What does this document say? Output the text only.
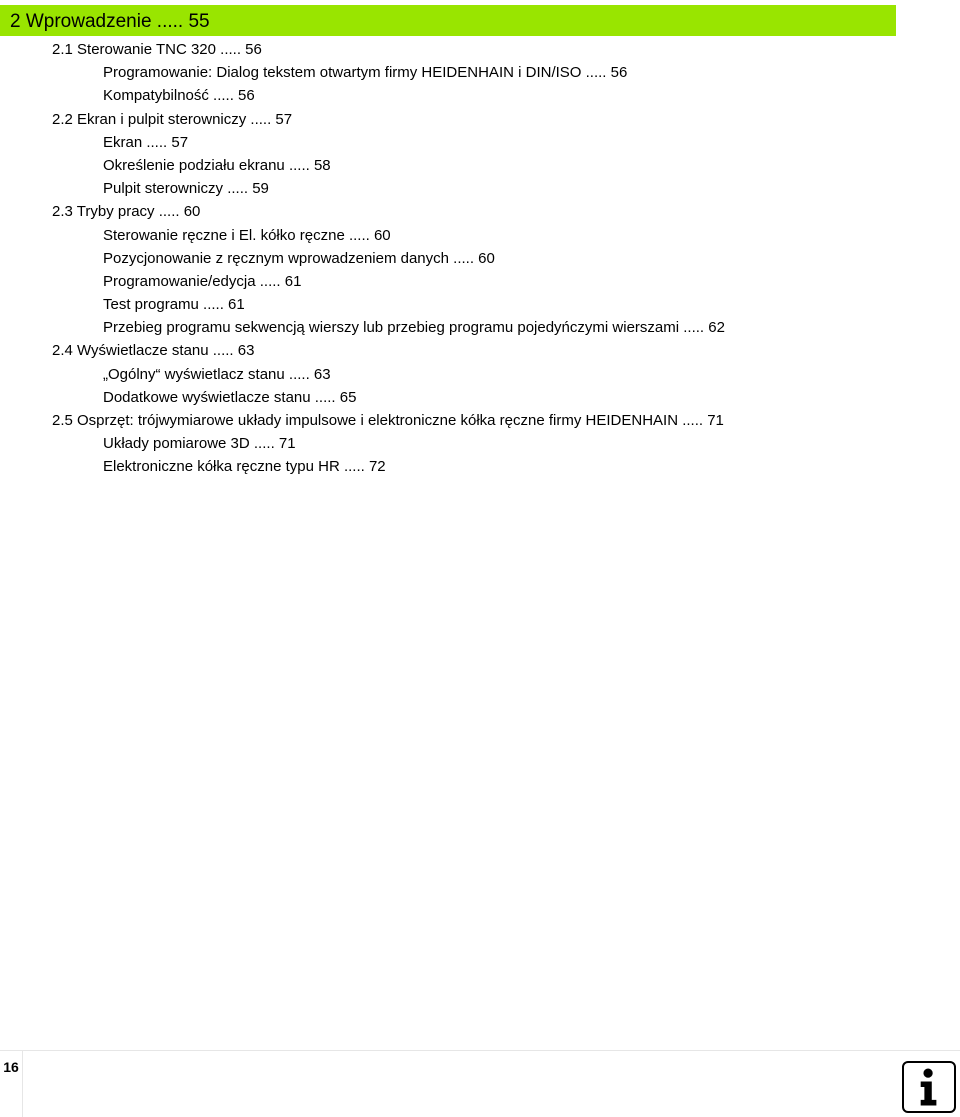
2 Wprowadzenie ..... 55
2.1 Sterowanie TNC 320 ..... 56
Programowanie: Dialog tekstem otwartym firmy HEIDENHAIN i DIN/ISO ..... 56
Kompatybilność ..... 56
2.2 Ekran i pulpit sterowniczy ..... 57
Ekran ..... 57
Określenie podziału ekranu ..... 58
Pulpit sterowniczy ..... 59
2.3 Tryby pracy ..... 60
Sterowanie ręczne i El. kółko ręczne ..... 60
Pozycjonowanie z ręcznym wprowadzeniem danych ..... 60
Programowanie/edycja ..... 61
Test programu ..... 61
Przebieg programu sekwencją wierszy lub przebieg programu pojedyńczymi wierszami ..... 62
2.4 Wyświetlacze stanu ..... 63
„Ogólny“ wyświetlacz stanu ..... 63
Dodatkowe wyświetlacze stanu ..... 65
2.5 Osprzęt: trójwymiarowe układy impulsowe i elektroniczne kółka ręczne firmy HEIDENHAIN ..... 71
Układy pomiarowe 3D ..... 71
Elektroniczne kółka ręczne typu HR ..... 72
16
